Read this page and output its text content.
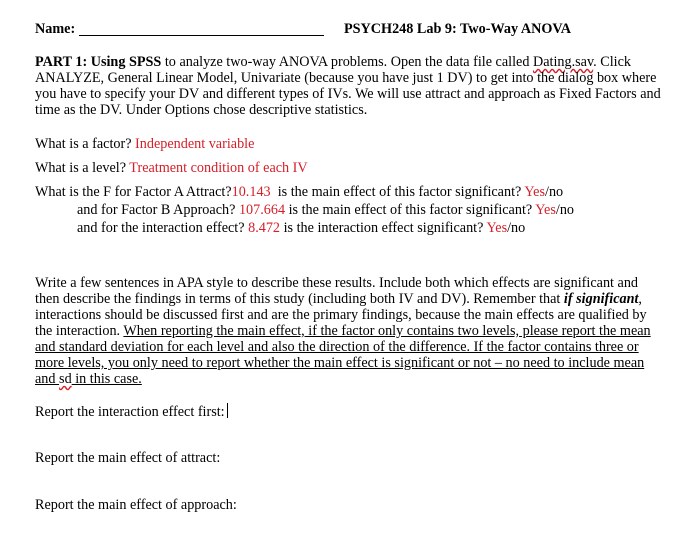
Name:	PSYCH248 Lab 9: Two-Way ANOVA
PART 1: Using SPSS to analyze two-way ANOVA problems. Open the data file called Dating.sav. Click ANALYZE, General Linear Model, Univariate (because you have just 1 DV) to get into the dialog box where you have to specify your DV and different types of IVs. We will use attract and approach as Fixed Factors and time as the DV. Under Options chose descriptive statistics.
What is a factor? Independent variable
What is a level? Treatment condition of each IV
What is the F for Factor A Attract?10.143 is the main effect of this factor significant? Yes/no
and for Factor B Approach? 107.664 is the main effect of this factor significant? Yes/no
and for the interaction effect? 8.472 is the interaction effect significant? Yes/no
Write a few sentences in APA style to describe these results. Include both which effects are significant and then describe the findings in terms of this study (including both IV and DV). Remember that if significant, interactions should be discussed first and are the primary findings, because the main effects are qualified by the interaction. When reporting the main effect, if the factor only contains two levels, please report the mean and standard deviation for each level and also the direction of the difference. If the factor contains three or more levels, you only need to report whether the main effect is significant or not – no need to include mean and sd in this case.
Report the interaction effect first:
Report the main effect of attract:
Report the main effect of approach:
